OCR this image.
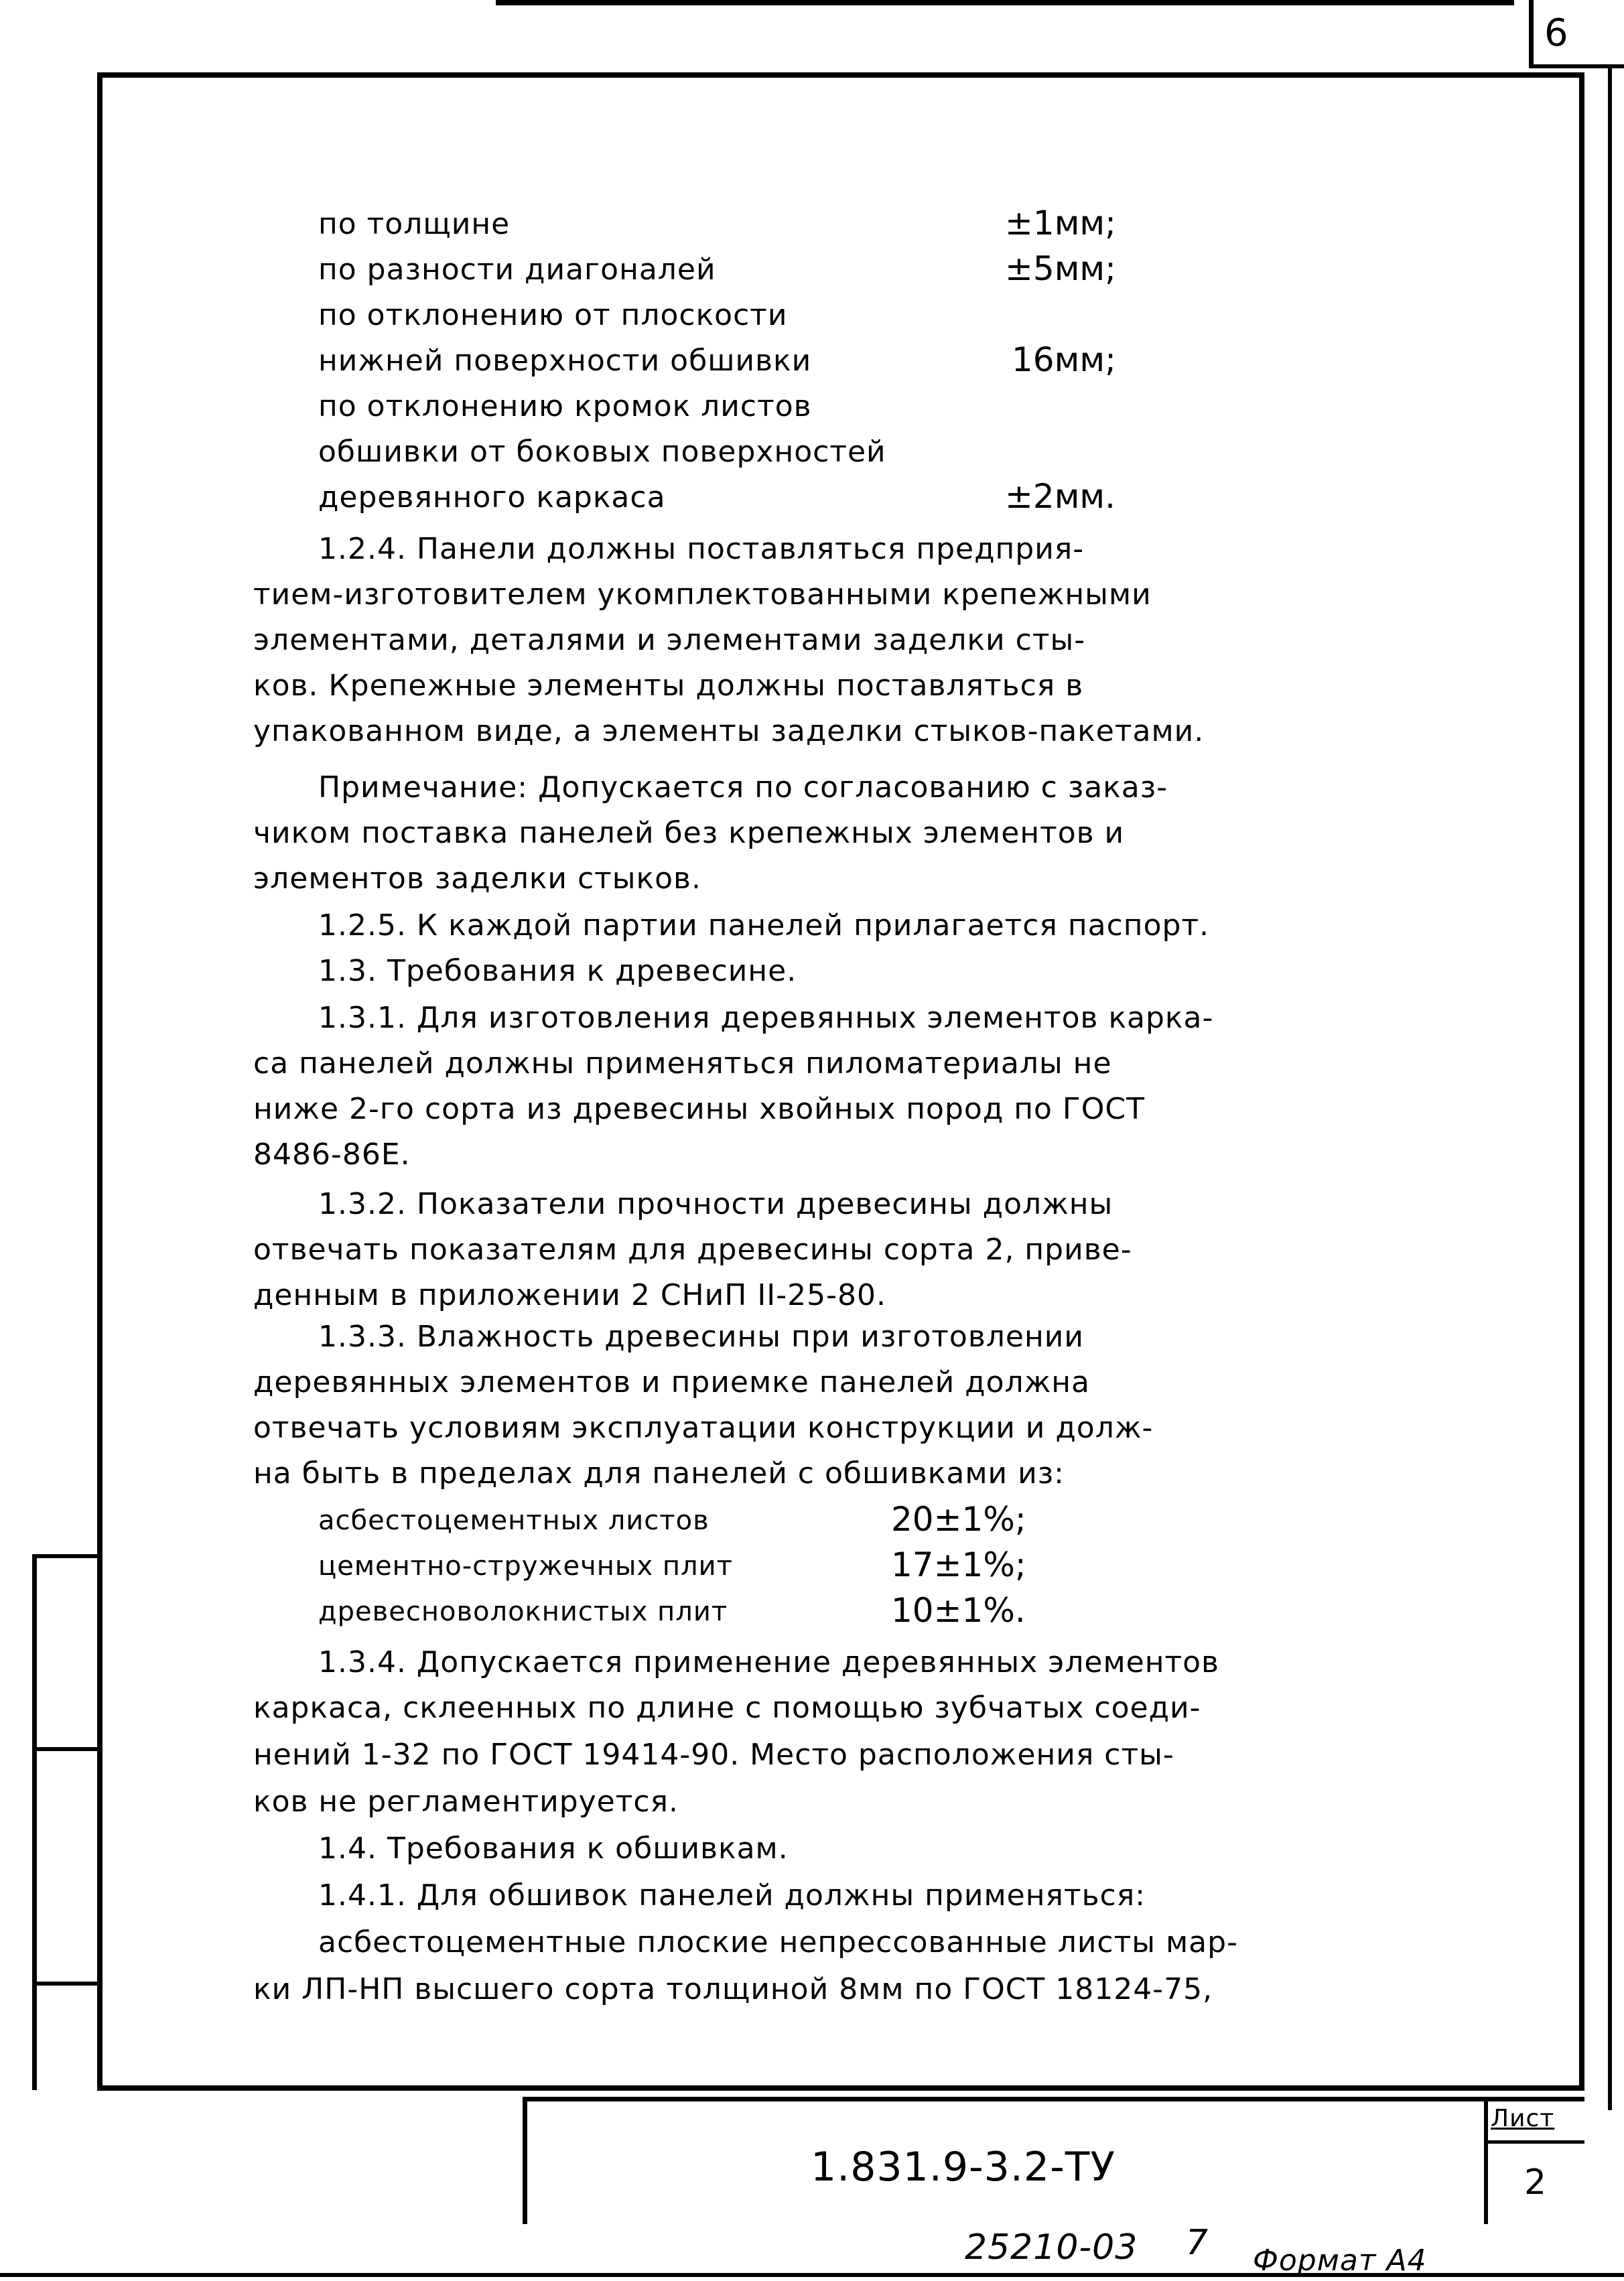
6
по толщине	±1мм;
по разности диагоналей	±5мм;
по отклонению от плоскости
нижней поверхности обшивки	16мм;
по отклонению кромок листов
обшивки от боковых поверхностей
деревянного каркаса	±2мм.
1.2.4. Панели должны поставляться предприя-
тием-изготовителем укомплектованными крепежными
элементами, деталями и элементами заделки сты-
ков. Крепежные элементы должны поставляться в
упакованном виде, а элементы заделки стыков-пакетами.
Примечание: Допускается по согласованию с заказ-
чиком поставка панелей без крепежных элементов и
элементов заделки стыков.
1.2.5. К каждой партии панелей прилагается паспорт.
1.3. Требования к древесине.
1.3.1. Для изготовления деревянных элементов карка-
са панелей должны применяться пиломатериалы не
ниже 2-го сорта из древесины хвойных пород по ГОСТ
8486-86Е.
1.3.2. Показатели прочности древесины должны
отвечать показателям для древесины сорта 2, приве-
денным в приложении 2 СНиП II-25-80.
1.3.3. Влажность древесины при изготовлении
деревянных элементов и приемке панелей должна
отвечать условиям эксплуатации конструкции и долж-
на быть в пределах для панелей с обшивками из:
асбестоцементных листов	20±1%;
цементно-стружечных плит	17±1%;
древесноволокнистых плит	10±1%.
1.3.4. Допускается применение деревянных элементов
каркаса, склеенных по длине с помощью зубчатых соеди-
нений 1-32 по ГОСТ 19414-90. Место расположения сты-
ков не регламентируется.
1.4. Требования к обшивкам.
1.4.1. Для обшивок панелей должны применяться:
асбестоцементные плоские непрессованные листы мар-
ки ЛП-НП высшего сорта толщиной 8мм по ГОСТ 18124-75,
1.831.9-3.2-ТУ
Лист
2
25210-03 7 Формат А4
